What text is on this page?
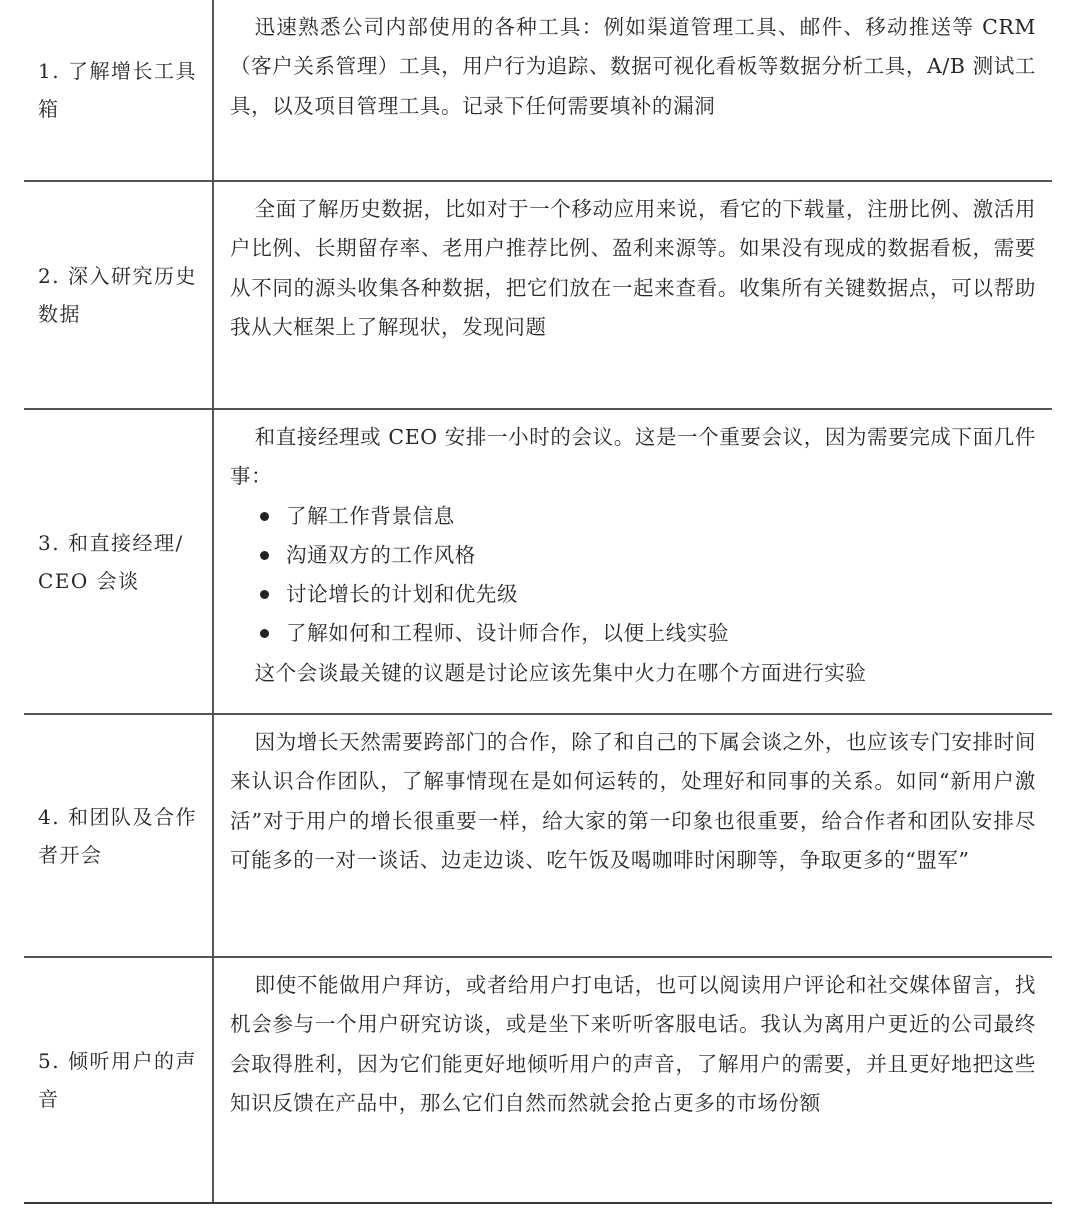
1. 了解增长工具箱

迅速熟悉公司内部使用的各种工具：例如渠道管理工具、邮件、移动推送等 CRM（客户关系管理）工具，用户行为追踪、数据可视化看板等数据分析工具，A/B 测试工具，以及项目管理工具。记录下任何需要填补的漏洞

2. 深入研究历史数据

全面了解历史数据，比如对于一个移动应用来说，看它的下载量，注册比例、激活用户比例、长期留存率、老用户推荐比例、盈利来源等。如果没有现成的数据看板，需要从不同的源头收集各种数据，把它们放在一起来查看。收集所有关键数据点，可以帮助我从大框架上了解现状，发现问题

3. 和直接经理/CEO 会谈

和直接经理或 CEO 安排一小时的会议。这是一个重要会议，因为需要完成下面几件事：

了解工作背景信息
沟通双方的工作风格
讨论增长的计划和优先级
了解如何和工程师、设计师合作，以便上线实验

这个会谈最关键的议题是讨论应该先集中火力在哪个方面进行实验

4. 和团队及合作者开会

因为增长天然需要跨部门的合作，除了和自己的下属会谈之外，也应该专门安排时间来认识合作团队，了解事情现在是如何运转的，处理好和同事的关系。如同“新用户激活”对于用户的增长很重要一样，给大家的第一印象也很重要，给合作者和团队安排尽可能多的一对一谈话、边走边谈、吃午饭及喝咖啡时闲聊等，争取更多的“盟军”

5. 倾听用户的声音

即使不能做用户拜访，或者给用户打电话，也可以阅读用户评论和社交媒体留言，找机会参与一个用户研究访谈，或是坐下来听听客服电话。我认为离用户更近的公司最终会取得胜利，因为它们能更好地倾听用户的声音，了解用户的需要，并且更好地把这些知识反馈在产品中，那么它们自然而然就会抢占更多的市场份额
